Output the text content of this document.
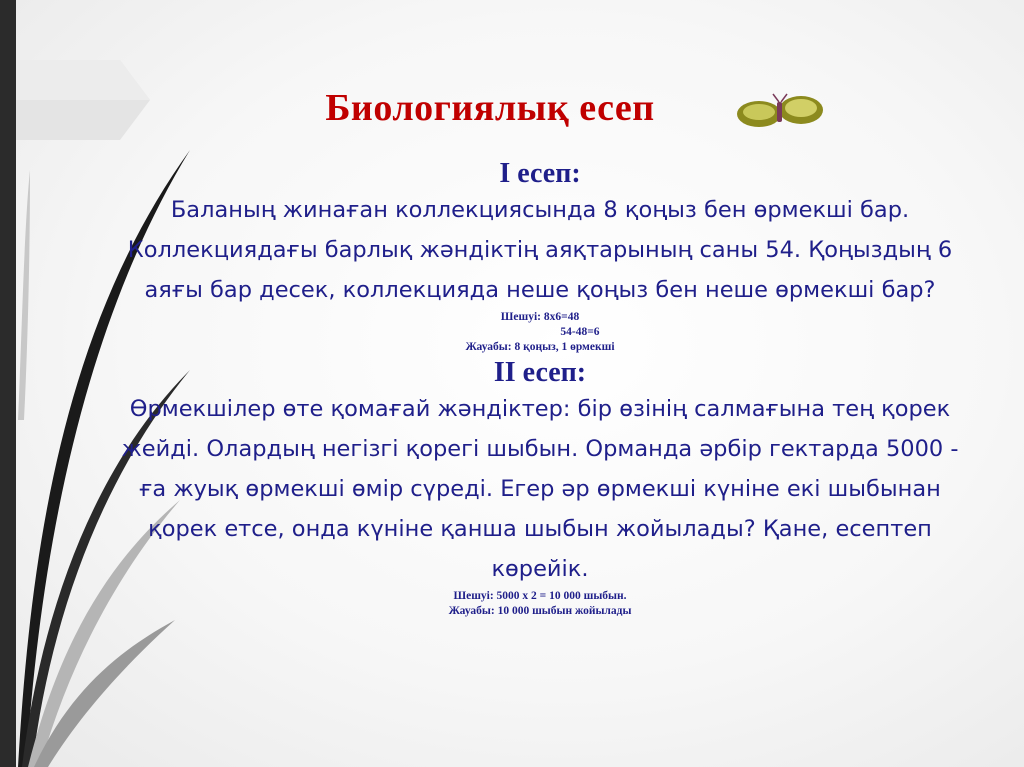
Биологиялық есеп
I есеп:
Баланың жинаған коллекциясында 8 қоңыз бен өрмекші бар. Коллекциядағы барлық жәндіктің аяқтарының саны 54. Қоңыздың 6 аяғы бар десек, коллекцияда неше қоңыз бен неше өрмекші бар?
Шешуі: 8х6=48
54-48=6
Жауабы: 8 қоңыз, 1 өрмекші
II есеп:
Өрмекшілер өте қомағай жәндіктер: бір өзінің салмағына тең қорек жейді. Олардың негізгі қорегі шыбын. Орманда әрбір гектарда 5000 - ға жуық өрмекші өмір сүреді. Егер әр өрмекші күніне екі шыбынан қорек етсе, онда күніне қанша шыбын жойылады? Қане, есептеп көрейік.
Шешуі: 5000 х 2 = 10 000 шыбын.
Жауабы: 10 000 шыбын жойылады
